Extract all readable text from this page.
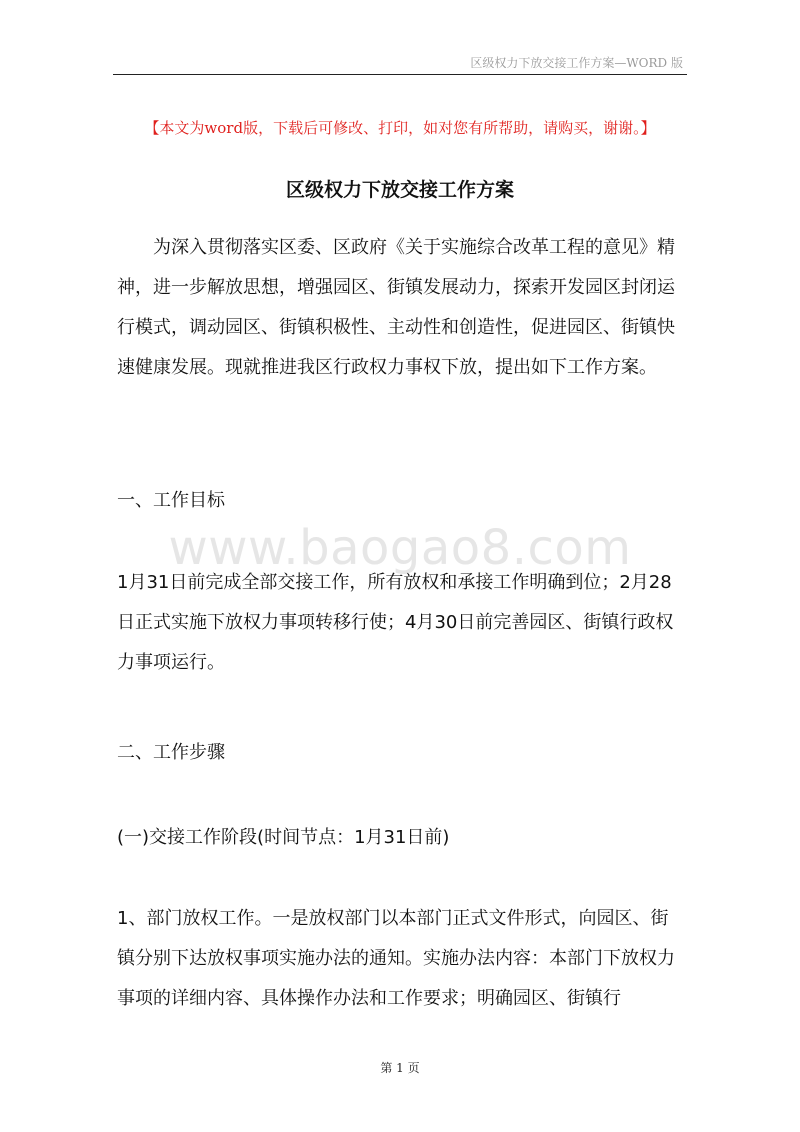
区级权力下放交接工作方案—WORD 版
【本文为word版，下载后可修改、打印，如对您有所帮助，请购买，谢谢。】
区级权力下放交接工作方案

为深入贯彻落实区委、区政府《关于实施综合改革工程的意见》精神，进一步解放思想，增强园区、街镇发展动力，探索开发园区封闭运行模式，调动园区、街镇积极性、主动性和创造性，促进园区、街镇快速健康发展。现就推进我区行政权力事权下放，提出如下工作方案。

一、工作目标
www.baogao8.com

1月31日前完成全部交接工作，所有放权和承接工作明确到位；2月28日正式实施下放权力事项转移行使；4月30日前完善园区、街镇行政权力事项运行。

二、工作步骤
(一)交接工作阶段(时间节点：1月31日前)

1、部门放权工作。一是放权部门以本部门正式文件形式，向园区、街镇分别下达放权事项实施办法的通知。实施办法内容：本部门下放权力事项的详细内容、具体操作办法和工作要求；明确园区、街镇行

第 1 页
